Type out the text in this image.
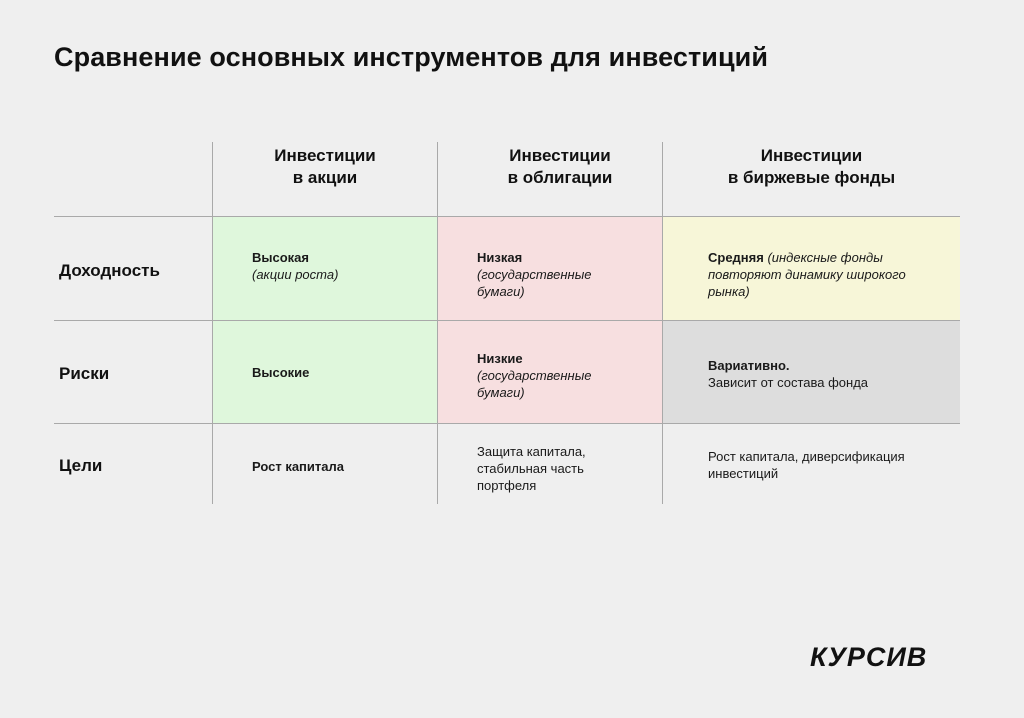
Сравнение основных инструментов для инвестиций
Инвестиции
в акции
Инвестиции
в облигации
Инвестиции
в биржевые фонды
Доходность
Риски
Цели
Высокая
(акции роста)
Низкая
(государственные бумаги)
Средняя (индексные фонды повторяют динамику широкого рынка)
Высокие
Низкие
(государственные бумаги)
Вариативно.
Зависит от состава фонда
Рост капитала
Защита капитала, стабильная часть портфеля
Рост капитала, диверсификация инвестиций
КУРСИВ
